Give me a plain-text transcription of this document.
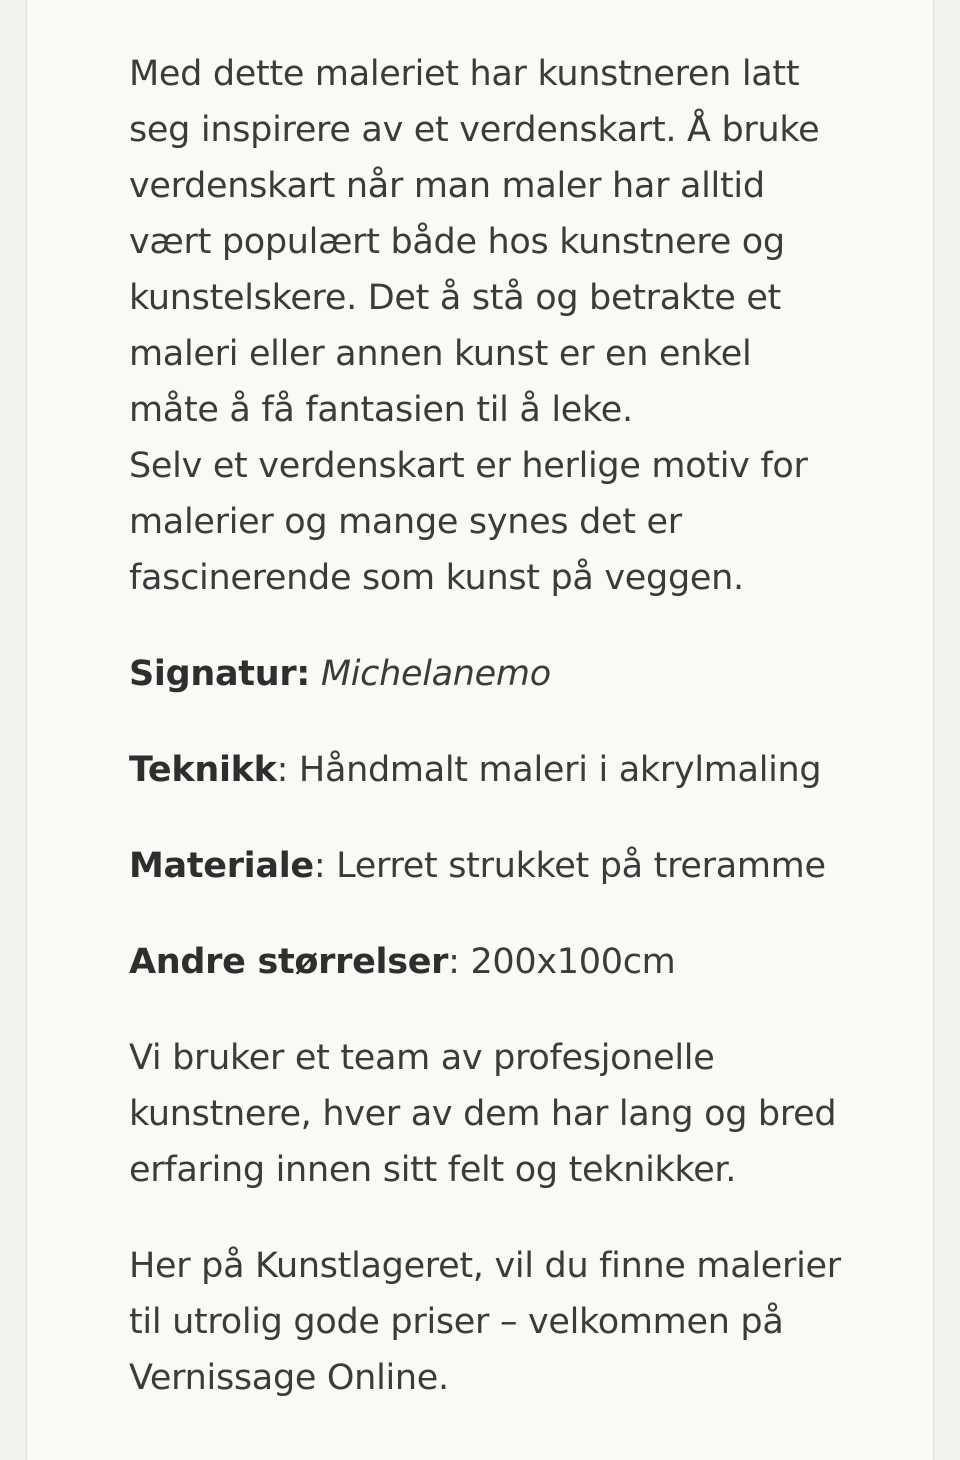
Med dette maleriet har kunstneren latt
seg inspirere av et verdenskart. Å bruke
verdenskart når man maler har alltid
vært populært både hos kunstnere og
kunstelskere. Det å stå og betrakte et
maleri eller annen kunst er en enkel
måte å få fantasien til å leke.
Selv et verdenskart er herlige motiv for
malerier og mange synes det er
fascinerende som kunst på veggen.

Signatur: Michelanemo

Teknikk: Håndmalt maleri i akrylmaling

Materiale: Lerret strukket på treramme

Andre størrelser: 200x100cm

Vi bruker et team av profesjonelle
kunstnere, hver av dem har lang og bred
erfaring innen sitt felt og teknikker.

Her på Kunstlageret, vil du finne malerier
til utrolig gode priser – velkommen på
Vernissage Online.
